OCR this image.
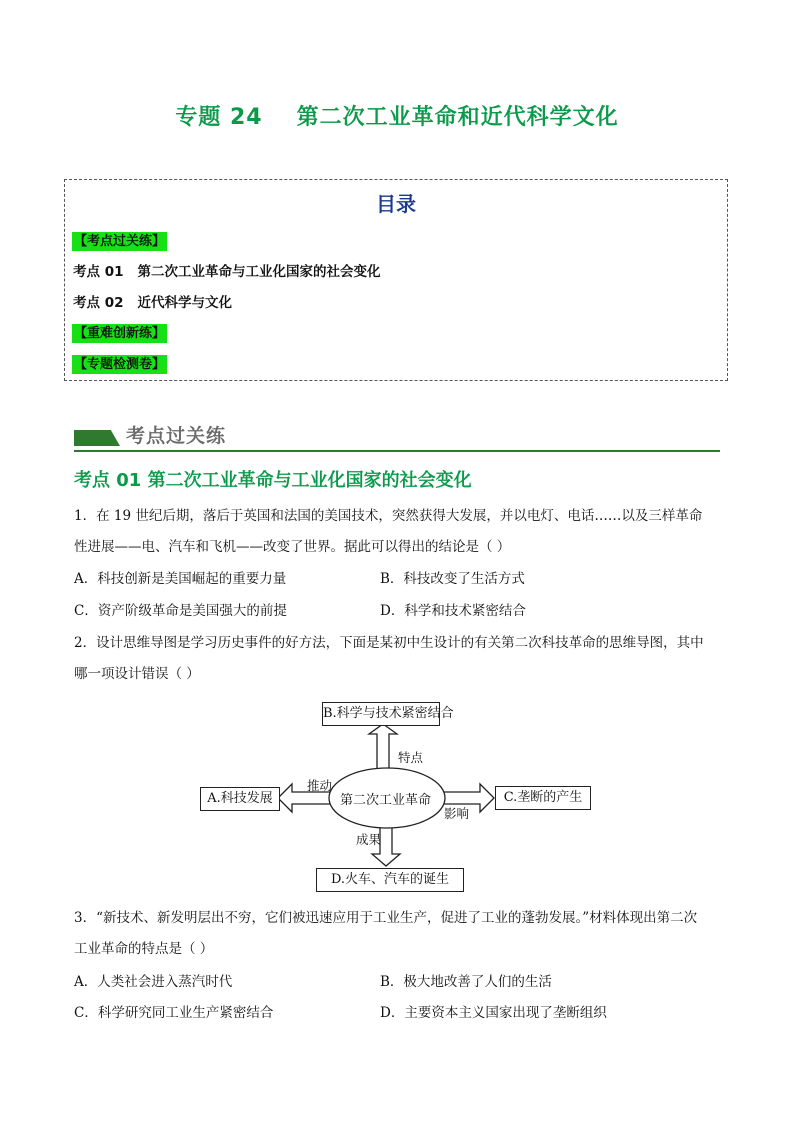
专题 24 第二次工业革命和近代科学文化
目录
【考点过关练】
考点 01 第二次工业革命与工业化国家的社会变化
考点 02 近代科学与文化
【重难创新练】
【专题检测卷】
考点过关练
考点 01 第二次工业革命与工业化国家的社会变化
1．在 19 世纪后期，落后于英国和法国的美国技术，突然获得大发展，并以电灯、电话……以及三样革命
性进展——电、汽车和飞机——改变了世界。据此可以得出的结论是（ ）
A．科技创新是美国崛起的重要力量	B．科技改变了生活方式
C．资产阶级革命是美国强大的前提	D．科学和技术紧密结合
2．设计思维导图是学习历史事件的好方法，下面是某初中生设计的有关第二次科技革命的思维导图，其中
哪一项设计错误（ ）
第二次工业革命
B.科学与技术紧密结合
A.科技发展	C.垄断的产生
D.火车、汽车的诞生
特点
推动
影响
成果
3．“新技术、新发明层出不穷，它们被迅速应用于工业生产，促进了工业的蓬勃发展。”材料体现出第二次
工业革命的特点是（ ）
A．人类社会进入蒸汽时代	B．极大地改善了人们的生活
C．科学研究同工业生产紧密结合	D．主要资本主义国家出现了垄断组织
